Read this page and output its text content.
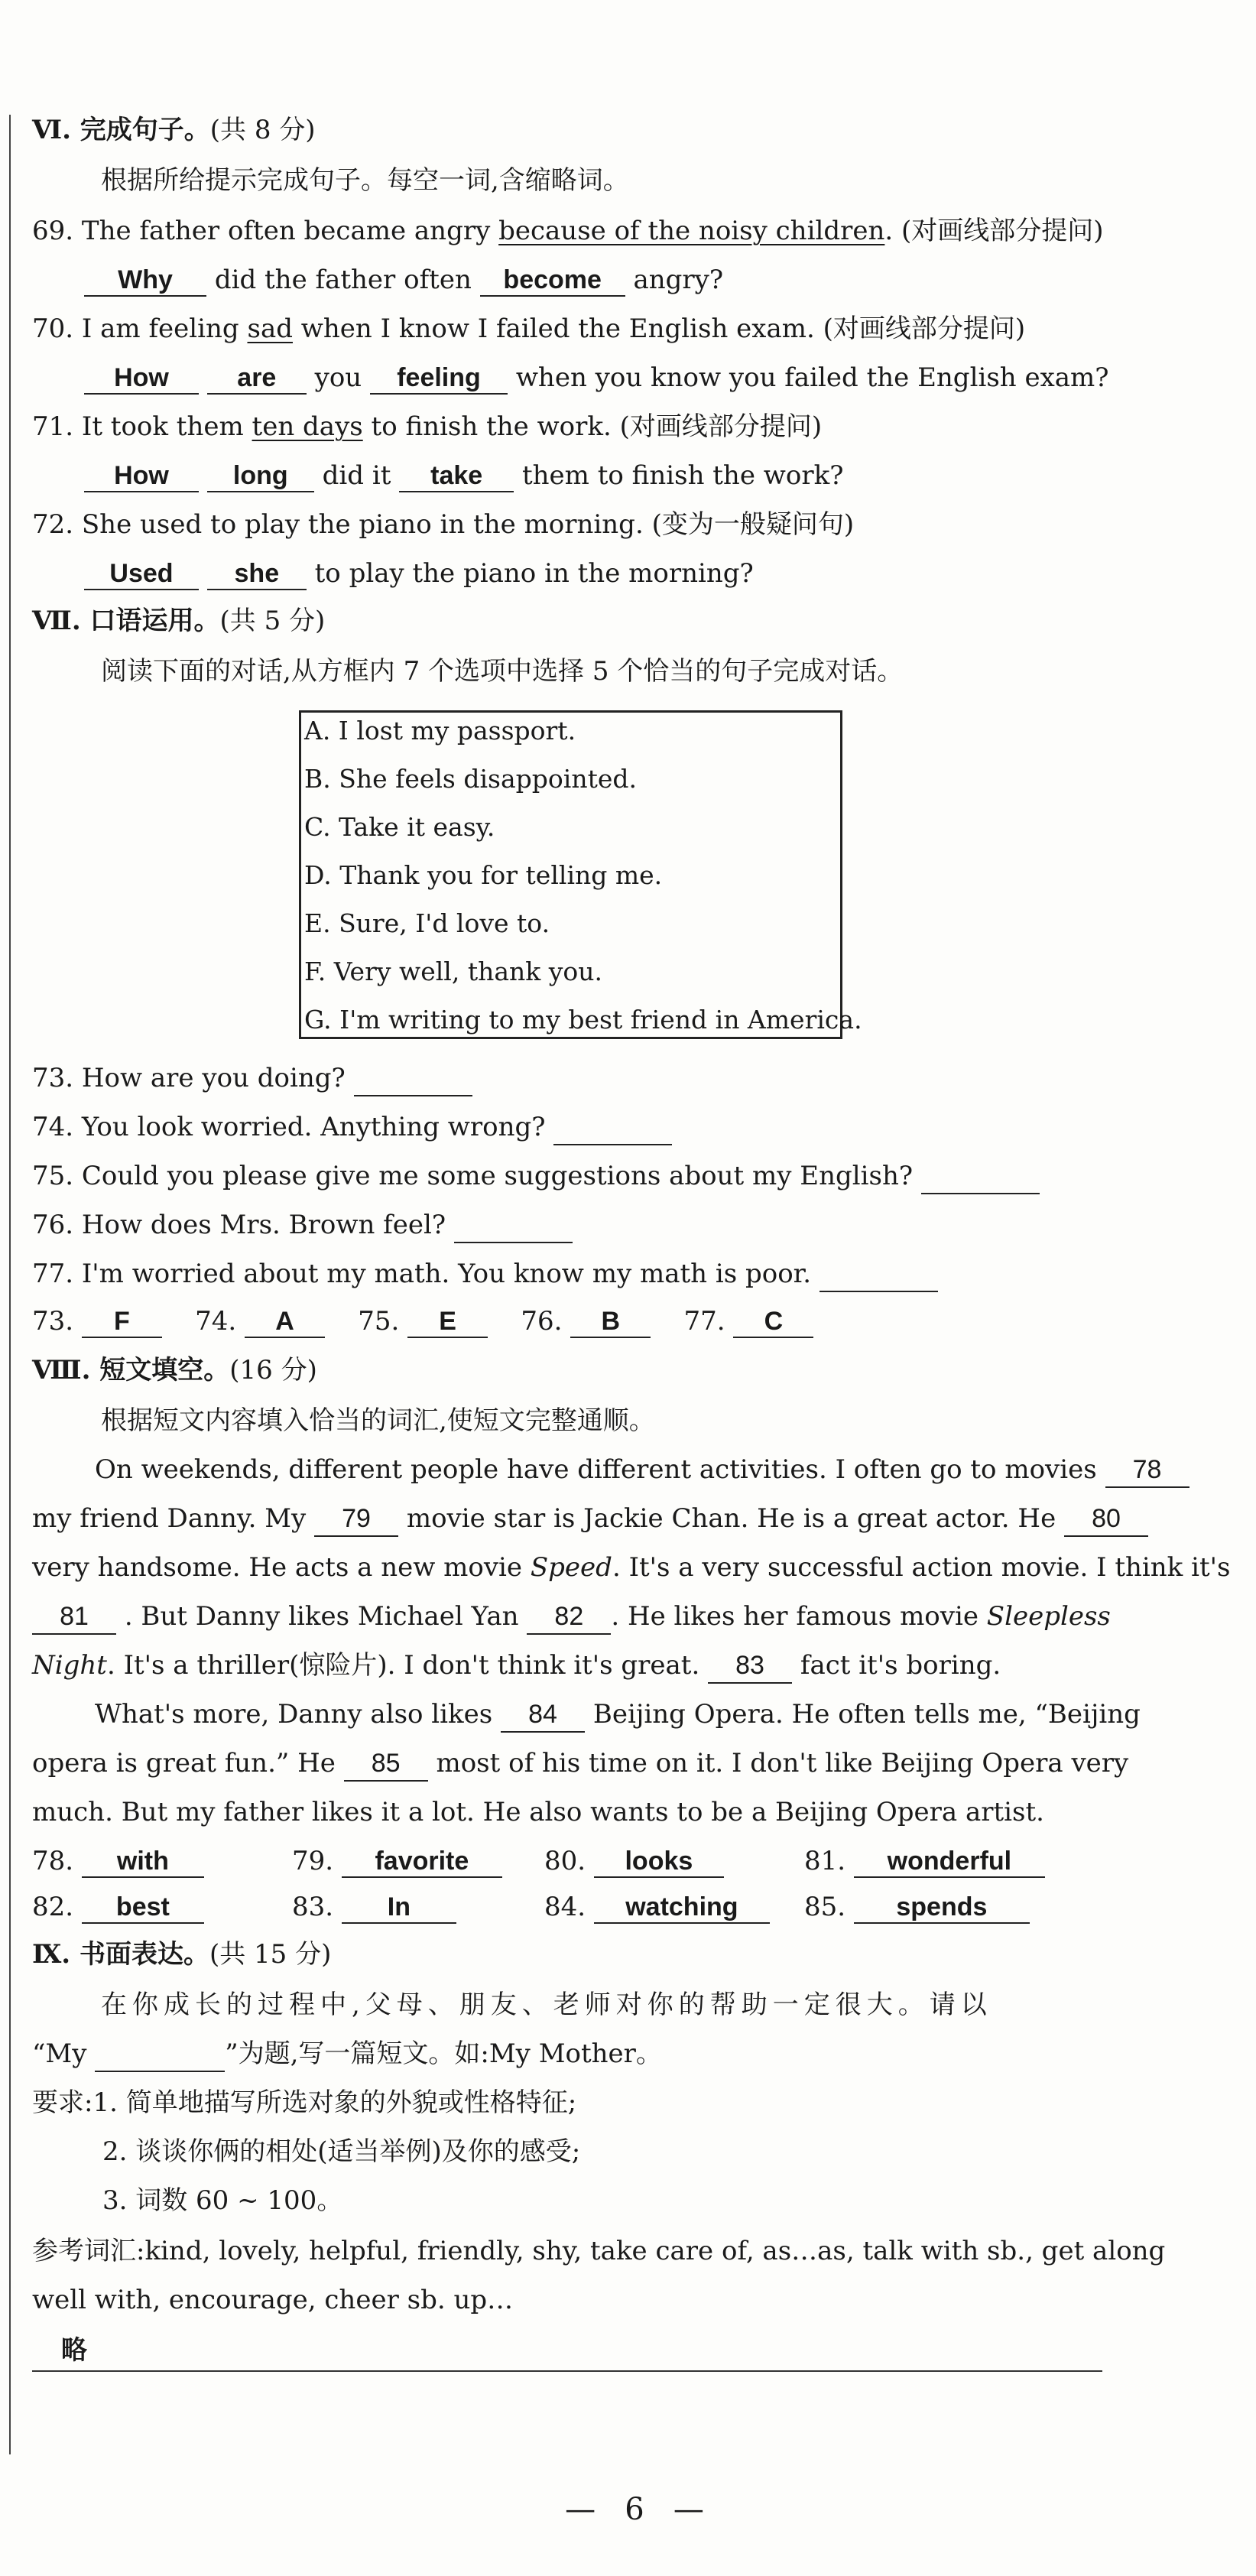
Ⅵ. 完成句子。(共 8 分)
根据所给提示完成句子。每空一词,含缩略词。
69. The father often became angry because of the noisy children. (对画线部分提问)
Why did the father often become angry?
70. I am feeling sad when I know I failed the English exam. (对画线部分提问)
How	are you feeling when you know you failed the English exam?
71. It took them ten days to finish the work. (对画线部分提问)
How long did it take them to finish the work?
72. She used to play the piano in the morning. (变为一般疑问句)
Used she to play the piano in the morning?
Ⅶ. 口语运用。(共 5 分)
阅读下面的对话,从方框内 7 个选项中选择 5 个恰当的句子完成对话。
A. I lost my passport.
B. She feels disappointed.
C. Take it easy.
D. Thank you for telling me.
E. Sure, I'd love to.
F. Very well, thank you.
G. I'm writing to my best friend in America.
73. How are you doing?
74. You look worried. Anything wrong?
75. Could you please give me some suggestions about my English?
76. How does Mrs. Brown feel?
77. I'm worried about my math. You know my math is poor.
73. F	74. A 75. E 76. B 77. C
Ⅷ. 短文填空。(16 分)
根据短文内容填入恰当的词汇,使短文完整通顺。
On weekends, different people have different activities. I often go to movies 78
my friend Danny. My 79 movie star is Jackie Chan. He is a great actor. He 80
very handsome. He acts a new movie Speed. It's a very successful action movie. I think it's
81 . But Danny likes Michael Yan 82 . He likes her famous movie Sleepless
Night. It's a thriller(惊险片). I don't think it's great. 83 fact it's boring.
What's more, Danny also likes 84 Beijing Opera. He often tells me, “Beijing
opera is great fun.” He 85 most of his time on it. I don't like Beijing Opera very
much. But my father likes it a lot. He also wants to be a Beijing Opera artist.
78. with	79. favorite	80. looks	81. wonderful
82. best	83. In	84. watching	85. spends
Ⅸ. 书面表达。(共 15 分)
在你成长的过程中,父母、朋友、老师对你的帮助一定很大。请以
“My	”为题,写一篇短文。如:My Mother。
要求:1. 简单地描写所选对象的外貌或性格特征;
2. 谈谈你俩的相处(适当举例)及你的感受;
3. 词数 60 ~ 100。
参考词汇:kind, lovely, helpful, friendly, shy, take care of, as…as, talk with sb., get along
well with, encourage, cheer sb. up…
略
—   6   —
